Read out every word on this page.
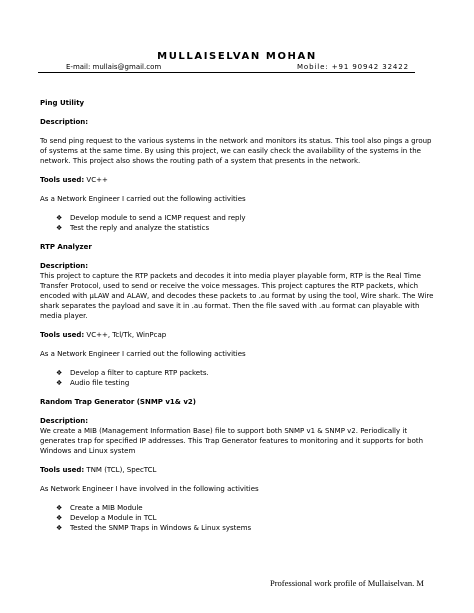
MULLAISELVAN MOHAN
E-mail: mullais@gmail.com	Mobile: +91 90942 32422

Ping Utility

Description:

To send ping request to the various systems in the network and monitors its status. This tool also pings a group of systems at the same time. By using this project, we can easily check the availability of the systems in the network. This project also shows the routing path of a system that presents in the network.

Tools used: VC++

As a Network Engineer I carried out the following activities

❖	Develop module to send a ICMP request and reply
❖	Test the reply and analyze the statistics

RTP Analyzer

Description:

This project to capture the RTP packets and decodes it into media player playable form, RTP is the Real Time Transfer Protocol, used to send or receive the voice messages. This project captures the RTP packets, which encoded with µLAW and ALAW, and decodes these packets to .au format by using the tool, Wire shark. The Wire shark separates the payload and save it in .au format. Then the file saved with .au format can playable with media player.

Tools used: VC++, Tcl/Tk, WinPcap

As a Network Engineer I carried out the following activities

❖	Develop a filter to capture RTP packets.
❖	Audio file testing

Random Trap Generator (SNMP v1& v2)

Description:

We create a MIB (Management Information Base) file to support both SNMP v1 & SNMP v2. Periodically it generates trap for specified IP addresses. This Trap Generator features to monitoring and it supports for both Windows and Linux system

Tools used: TNM (TCL), SpecTCL

As Network Engineer I have involved in the following activities

❖	Create a MIB Module
❖	Develop a Module in TCL
❖	Tested the SNMP Traps in Windows & Linux systems
Professional work profile of Mullaiselvan. M
